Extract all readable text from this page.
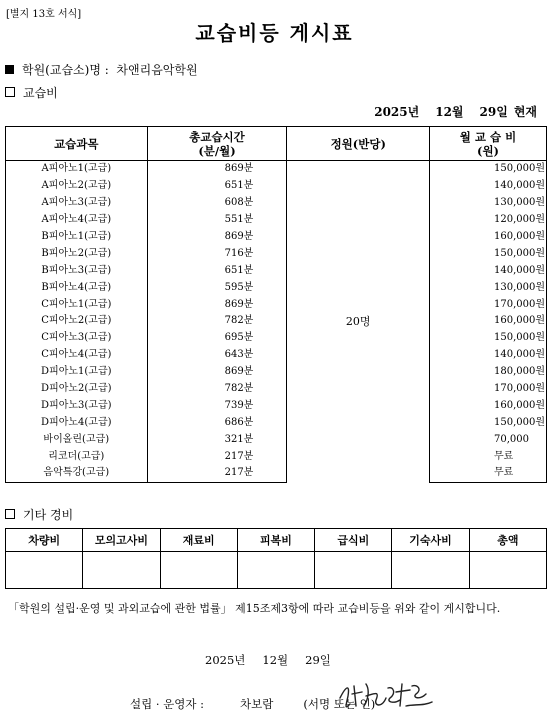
[별지 13호 서식]
교습비등 게시표
학원(교습소)명 : 차앤리음악학원
교습비
2025년 12월 29일 현재
교습과목	총교습시간
(분/월)	정원(반당)	월 교 습 비
(원)
A피아노1(고급)	869분	20명	150,000원
A피아노2(고급)	651분		140,000원
A피아노3(고급)	608분		130,000원
A피아노4(고급)	551분		120,000원
B피아노1(고급)	869분		160,000원
B피아노2(고급)	716분		150,000원
B피아노3(고급)	651분		140,000원
B피아노4(고급)	595분		130,000원
C피아노1(고급)	869분		170,000원
C피아노2(고급)	782분		160,000원
C피아노3(고급)	695분		150,000원
C피아노4(고급)	643분		140,000원
D피아노1(고급)	869분		180,000원
D피아노2(고급)	782분		170,000원
D피아노3(고급)	739분		160,000원
D피아노4(고급)	686분		150,000원
바이올린(고급)	321분		70,000
리코더(고급)	217분		무료
음악특강(고급)	217분		무료
기타 경비
차량비	모의고사비	재료비	피복비	급식비	기숙사비	총액

「학원의 설립·운영 및 과외교습에 관한 법률」 제15조제3항에 따라 교습비등을 위와 같이 게시합니다.
2025년 12월 29일
설립 · 운영자 :	차보람	(서명 또는 인)
